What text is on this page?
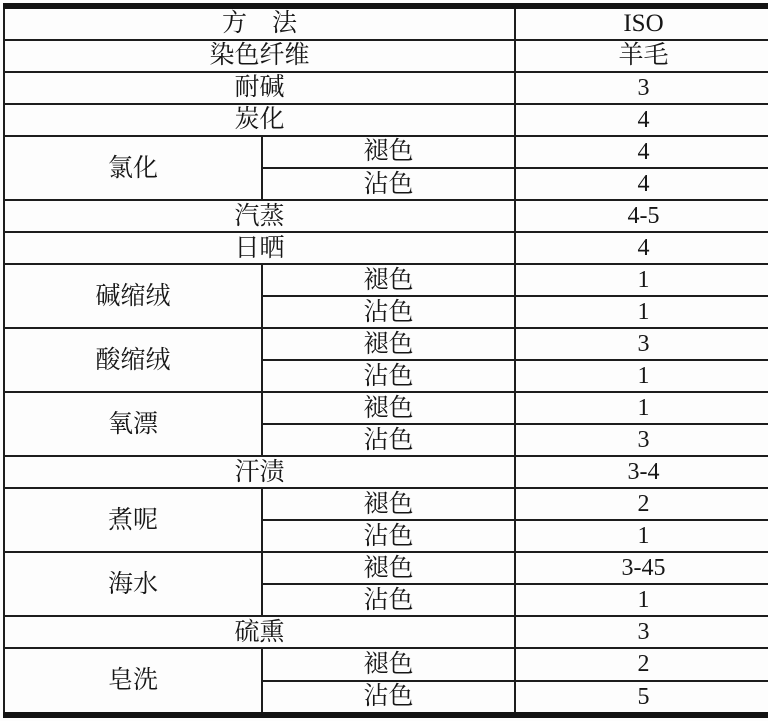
方　法		ISO
染色纤维		羊毛
耐碱		3
炭化		4
氯化	褪色	4
	沾色	4
汽蒸		4-5
日晒		4
碱缩绒	褪色	1
	沾色	1
酸缩绒	褪色	3
	沾色	1
氧漂	褪色	1
	沾色	3
汗渍		3-4
煮呢	褪色	2
	沾色	1
海水	褪色	3-45
	沾色	1
硫熏		3
皂洗	褪色	2
	沾色	5
